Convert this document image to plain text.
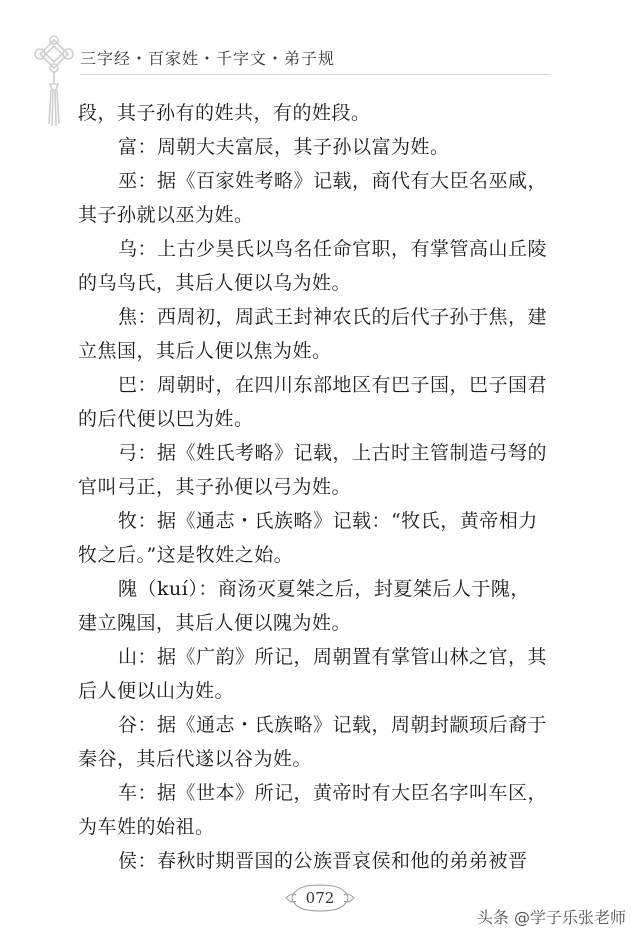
三字经・百家姓・千字文・弟子规

段，其子孙有的姓共，有的姓段。
富：周朝大夫富辰，其子孙以富为姓。
巫：据《百家姓考略》记载，商代有大臣名巫咸，
其子孙就以巫为姓。
乌：上古少昊氏以鸟名任命官职，有掌管高山丘陵
的乌鸟氏，其后人便以乌为姓。
焦：西周初，周武王封神农氏的后代子孙于焦，建
立焦国，其后人便以焦为姓。
巴：周朝时，在四川东部地区有巴子国，巴子国君
的后代便以巴为姓。
弓：据《姓氏考略》记载，上古时主管制造弓弩的
官叫弓正，其子孙便以弓为姓。
牧：据《通志・氏族略》记载：“牧氏，黄帝相力
牧之后。”这是牧姓之始。
隗（kuí）：商汤灭夏桀之后，封夏桀后人于隗，
建立隗国，其后人便以隗为姓。
山：据《广韵》所记，周朝置有掌管山林之官，其
后人便以山为姓。
谷：据《通志・氏族略》记载，周朝封颛顼后裔于
秦谷，其后代遂以谷为姓。
车：据《世本》所记，黄帝时有大臣名字叫车区，
为车姓的始祖。
侯：春秋时期晋国的公族晋哀侯和他的弟弟被晋

072
头条 @学子乐张老师
